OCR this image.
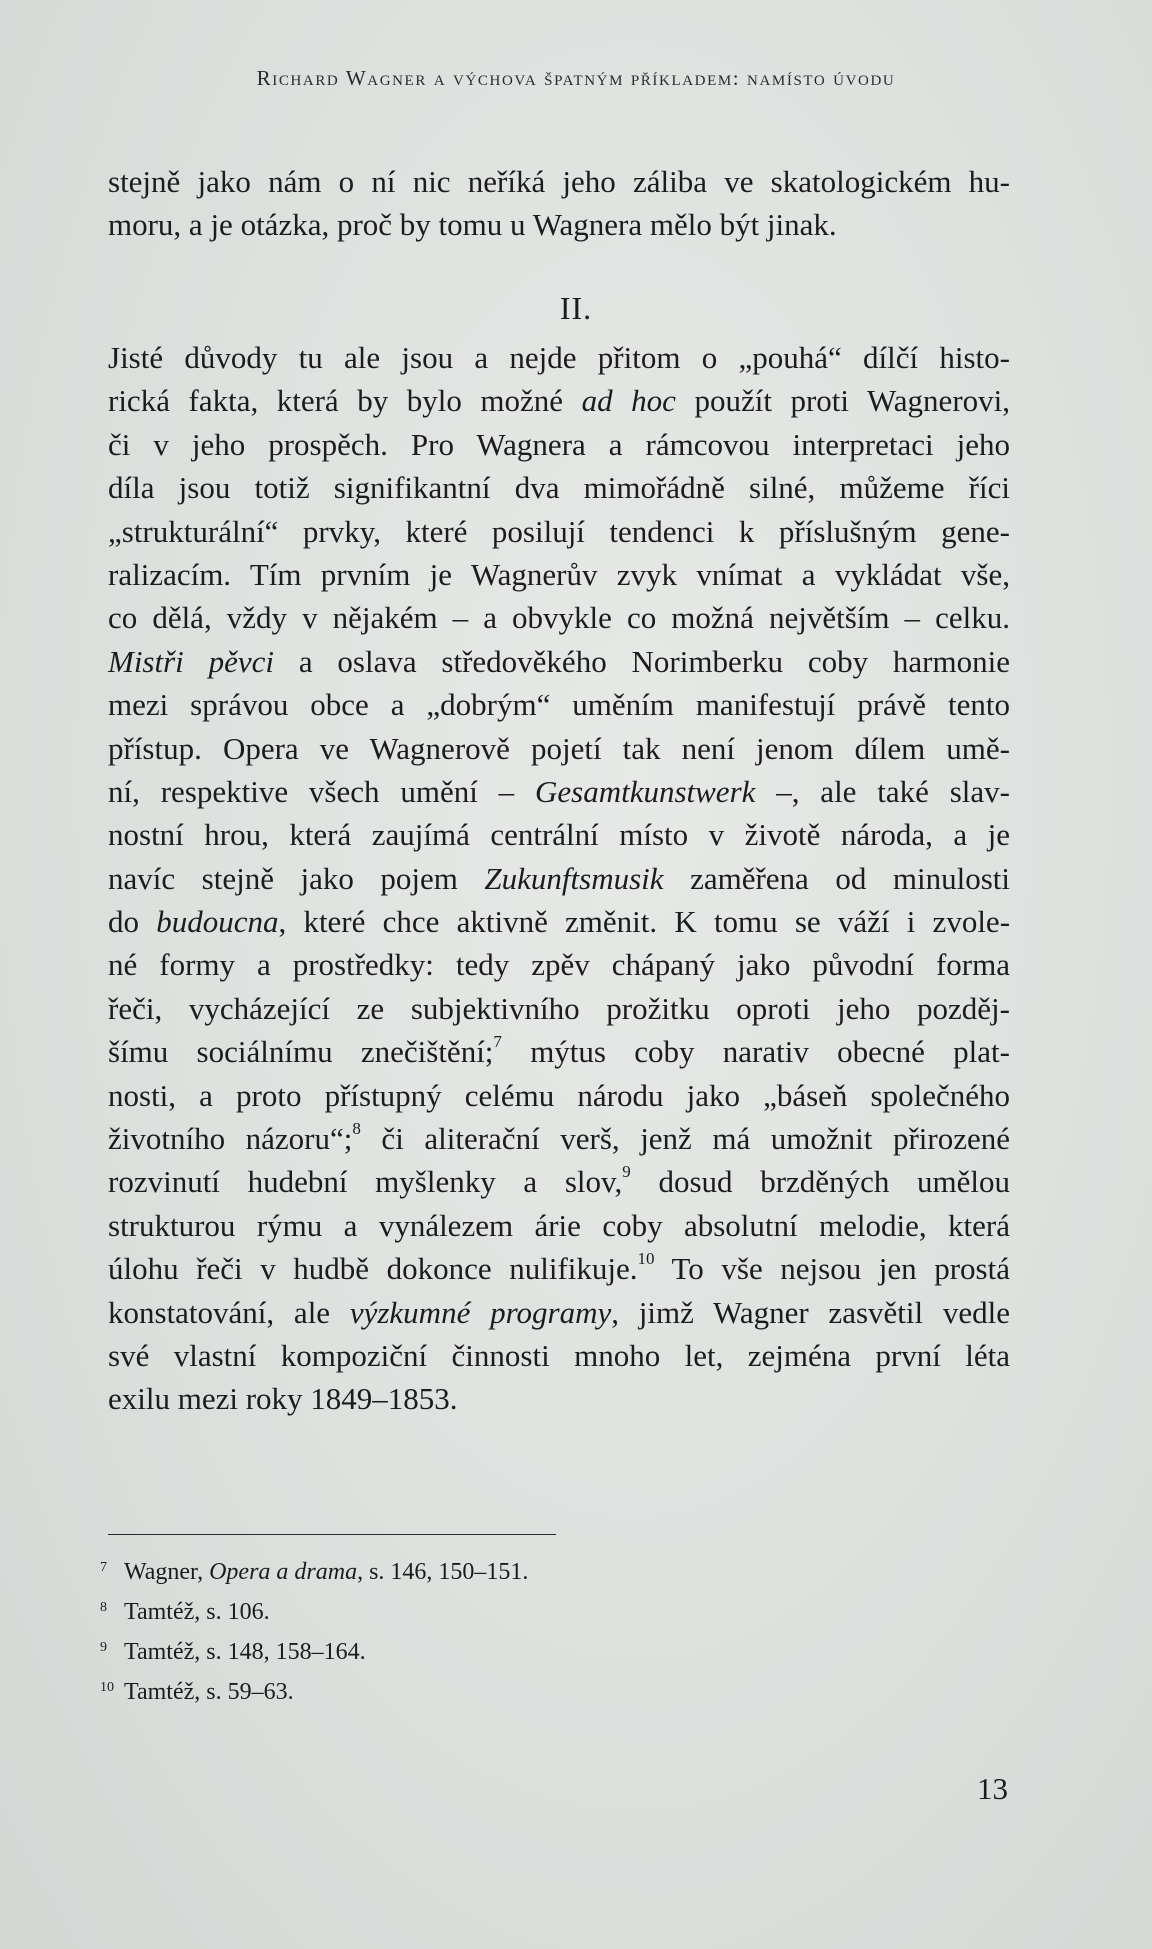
Richard Wagner a výchova špatným příkladem: namísto úvodu
stejně jako nám o ní nic neříká jeho záliba ve skatologickém hu-
moru, a je otázka, proč by tomu u Wagnera mělo být jinak.
II.
Jisté důvody tu ale jsou a nejde přitom o „pouhá“ dílčí histo-
rická fakta, která by bylo možné ad hoc použít proti Wagnerovi,
či v jeho prospěch. Pro Wagnera a rámcovou interpretaci jeho
díla jsou totiž signifikantní dva mimořádně silné, můžeme říci
„strukturální“ prvky, které posilují tendenci k příslušným gene-
ralizacím. Tím prvním je Wagnerův zvyk vnímat a vykládat vše,
co dělá, vždy v nějakém – a obvykle co možná největším – celku.
Mistři pěvci a oslava středověkého Norimberku coby harmonie
mezi správou obce a „dobrým“ uměním manifestují právě tento
přístup. Opera ve Wagnerově pojetí tak není jenom dílem umě-
ní, respektive všech umění – Gesamtkunstwerk –, ale také slav-
nostní hrou, která zaujímá centrální místo v životě národa, a je
navíc stejně jako pojem Zukunftsmusik zaměřena od minulosti
do budoucna, které chce aktivně změnit. K tomu se váží i zvole-
né formy a prostředky: tedy zpěv chápaný jako původní forma
řeči, vycházející ze subjektivního prožitku oproti jeho pozděj-
šímu sociálnímu znečištění;$^7$ mýtus coby narativ obecné plat-
nosti, a proto přístupný celému národu jako „báseň společného
životního názoru“;$^8$ či aliterační verš, jenž má umožnit přirozené
rozvinutí hudební myšlenky a slov,$^9$ dosud brzděných umělou
strukturou rýmu a vynálezem árie coby absolutní melodie, která
úlohu řeči v hudbě dokonce nulifikuje.$^{10}$ To vše nejsou jen prostá
konstatování, ale výzkumné programy, jimž Wagner zasvětil vedle
své vlastní kompoziční činnosti mnoho let, zejména první léta
exilu mezi roky 1849–1853.
7 Wagner, Opera a drama, s. 146, 150–151.
8 Tamtéž, s. 106.
9 Tamtéž, s. 148, 158–164.
10 Tamtéž, s. 59–63.
13
